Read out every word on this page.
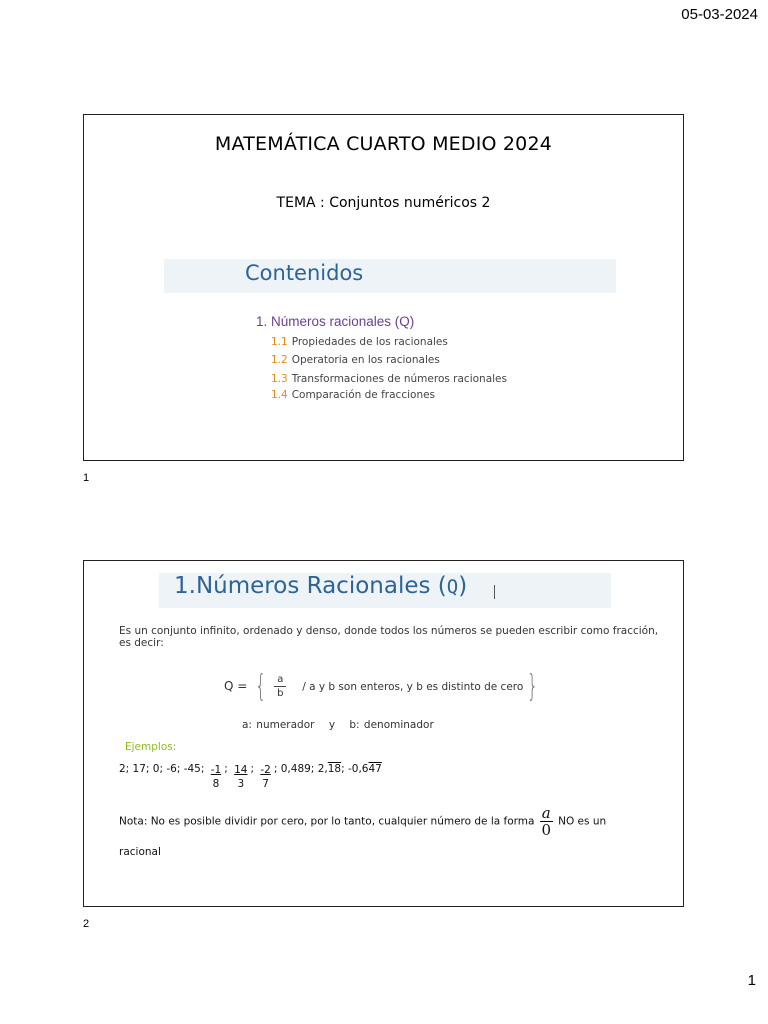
05-03-2024
MATEMÁTICA CUARTO MEDIO 2024
TEMA : Conjuntos numéricos 2
Contenidos
1. Números racionales (Q)
1.1 Propiedades de los racionales
1.2 Operatoria en los racionales
1.3 Transformaciones de números racionales
1.4 Comparación de fracciones
1
1.Números Racionales (Q)
Es un conjunto infinito, ordenado y denso, donde todos los números se pueden escribir como fracción, es decir:
Q = { $\frac{a}{b}$ / a y b son enteros, y b es distinto de cero }
a: numerador y b: denominador
Ejemplos:
2; 17; 0; -6; -45; $\frac{-1}{8}$ ; $\frac{14}{3}$ ; $\frac{-2}{7}$ ; 0,489; 2,18; -0,647
Nota: No es posible dividir por cero, por lo tanto, cualquier número de la forma $\frac{a}{0}$ NO es un
racional
2
1
